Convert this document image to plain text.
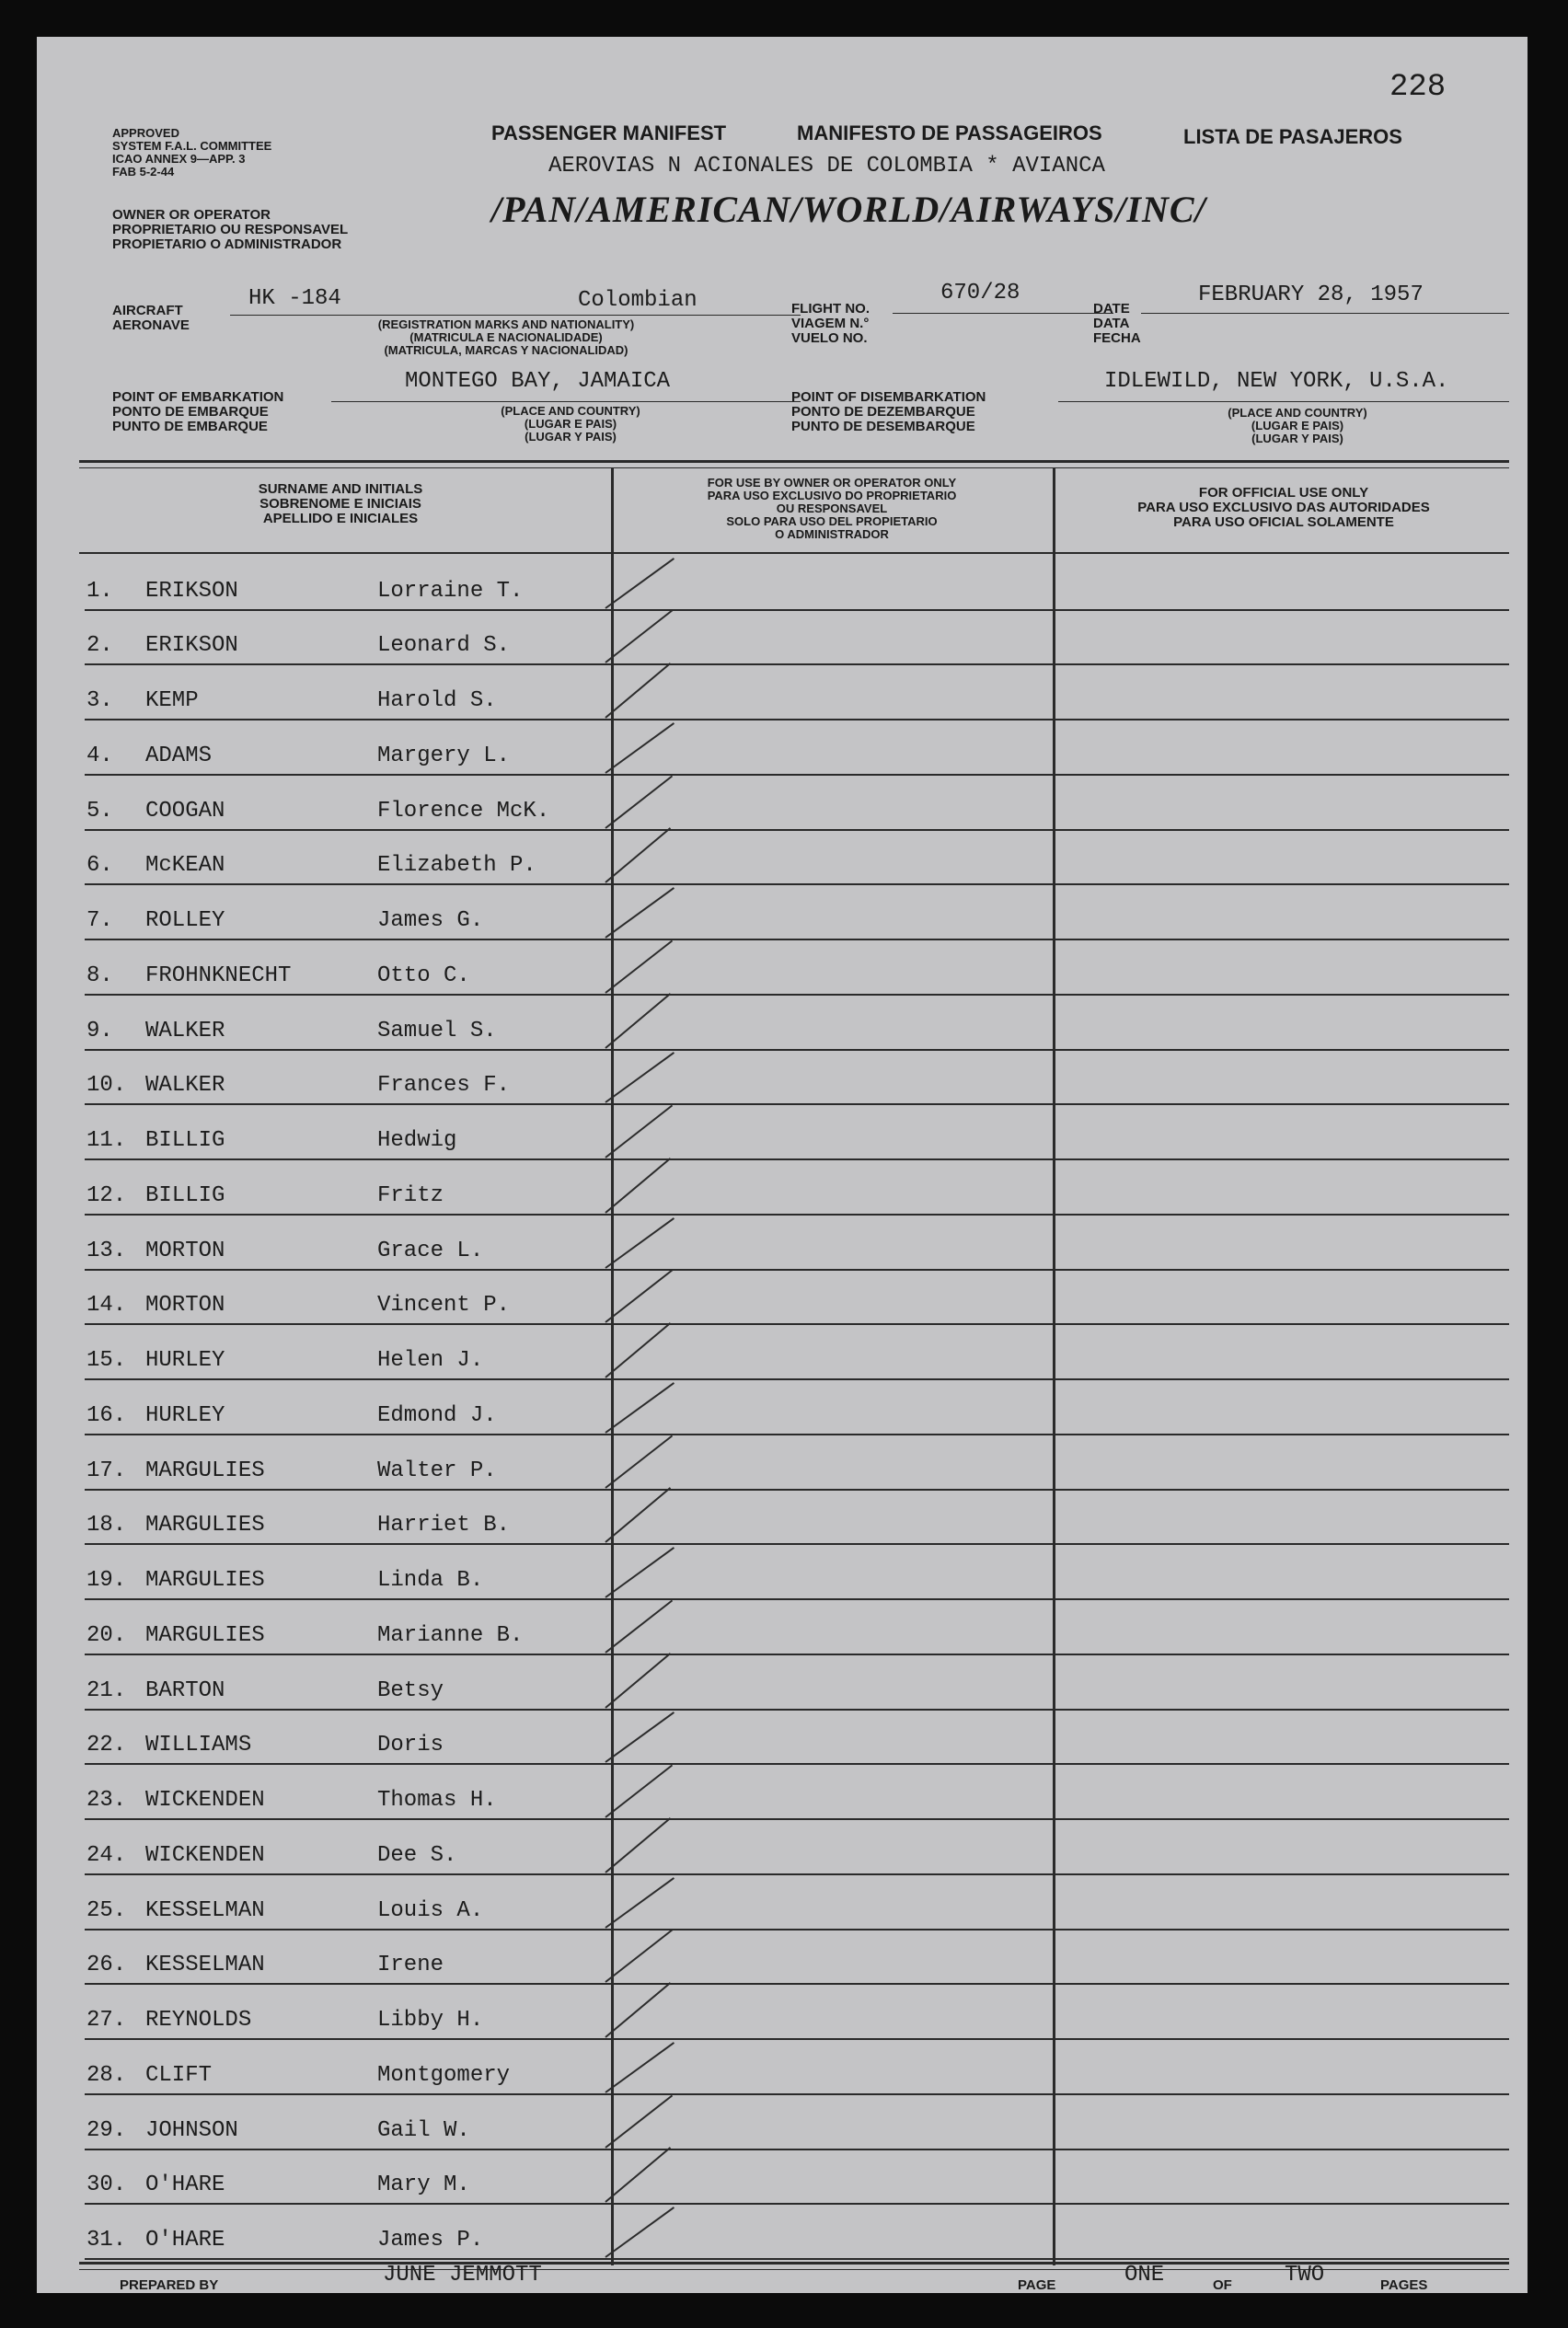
228
APPROVED
SYSTEM F.A.L. COMMITTEE
ICAO ANNEX 9—APP. 3
FAB 5-2-44
OWNER OR OPERATOR
PROPRIETARIO OU RESPONSAVEL
PROPIETARIO O ADMINISTRADOR
PASSENGER MANIFEST	MANIFESTO DE PASSAGEIROS	LISTA DE PASAJEROS
AEROVIAS N ACIONALES DE COLOMBIA * AVIANCA
/PAN/AMERICAN/WORLD/AIRWAYS/INC/
AIRCRAFT
AERONAVE
HK -184	Colombian
(REGISTRATION MARKS AND NATIONALITY)
(MATRICULA E NACIONALIDADE)
(MATRICULA, MARCAS Y NACIONALIDAD)
FLIGHT NO.
VIAGEM N.°
VUELO NO.
670/28
DATE
DATA
FECHA
FEBRUARY 28, 1957
POINT OF EMBARKATION
PONTO DE EMBARQUE
PUNTO DE EMBARQUE
MONTEGO BAY, JAMAICA
(PLACE AND COUNTRY)
(LUGAR E PAIS)
(LUGAR Y PAIS)
POINT OF DISEMBARKATION
PONTO DE DEZEMBARQUE
PUNTO DE DESEMBARQUE
IDLEWILD, NEW YORK, U.S.A.
(PLACE AND COUNTRY)
(LUGAR E PAIS)
(LUGAR Y PAIS)
SURNAME AND INITIALS
SOBRENOME E INICIAIS
APELLIDO E INICIALES
FOR USE BY OWNER OR OPERATOR ONLY
PARA USO EXCLUSIVO DO PROPRIETARIO
OU RESPONSAVEL
SOLO PARA USO DEL PROPIETARIO
O ADMINISTRADOR
FOR OFFICIAL USE ONLY
PARA USO EXCLUSIVO DAS AUTORIDADES
PARA USO OFICIAL SOLAMENTE
1. ERIKSON	Lorraine T.
2. ERIKSON	Leonard S.
3. KEMP	Harold S.
4. ADAMS	Margery L.
5. COOGAN	Florence McK.
6. McKEAN	Elizabeth P.
7. ROLLEY	James G.
8. FROHNKNECHT	Otto C.
9. WALKER	Samuel S.
10. WALKER	Frances F.
11. BILLIG	Hedwig
12. BILLIG	Fritz
13. MORTON	Grace L.
14. MORTON	Vincent P.
15. HURLEY	Helen J.
16. HURLEY	Edmond J.
17. MARGULIES	Walter P.
18. MARGULIES	Harriet B.
19. MARGULIES	Linda B.
20. MARGULIES	Marianne B.
21. BARTON	Betsy
22. WILLIAMS	Doris
23. WICKENDEN	Thomas H.
24. WICKENDEN	Dee S.
25. KESSELMAN	Louis A.
26. KESSELMAN	Irene
27. REYNOLDS	Libby H.
28. CLIFT	Montgomery
29. JOHNSON	Gail W.
30. O'HARE	Mary M.
31. O'HARE	James P.
PREPARED BY	JUNE JEMMOTT	PAGE	ONE	OF TWO	PAGES
